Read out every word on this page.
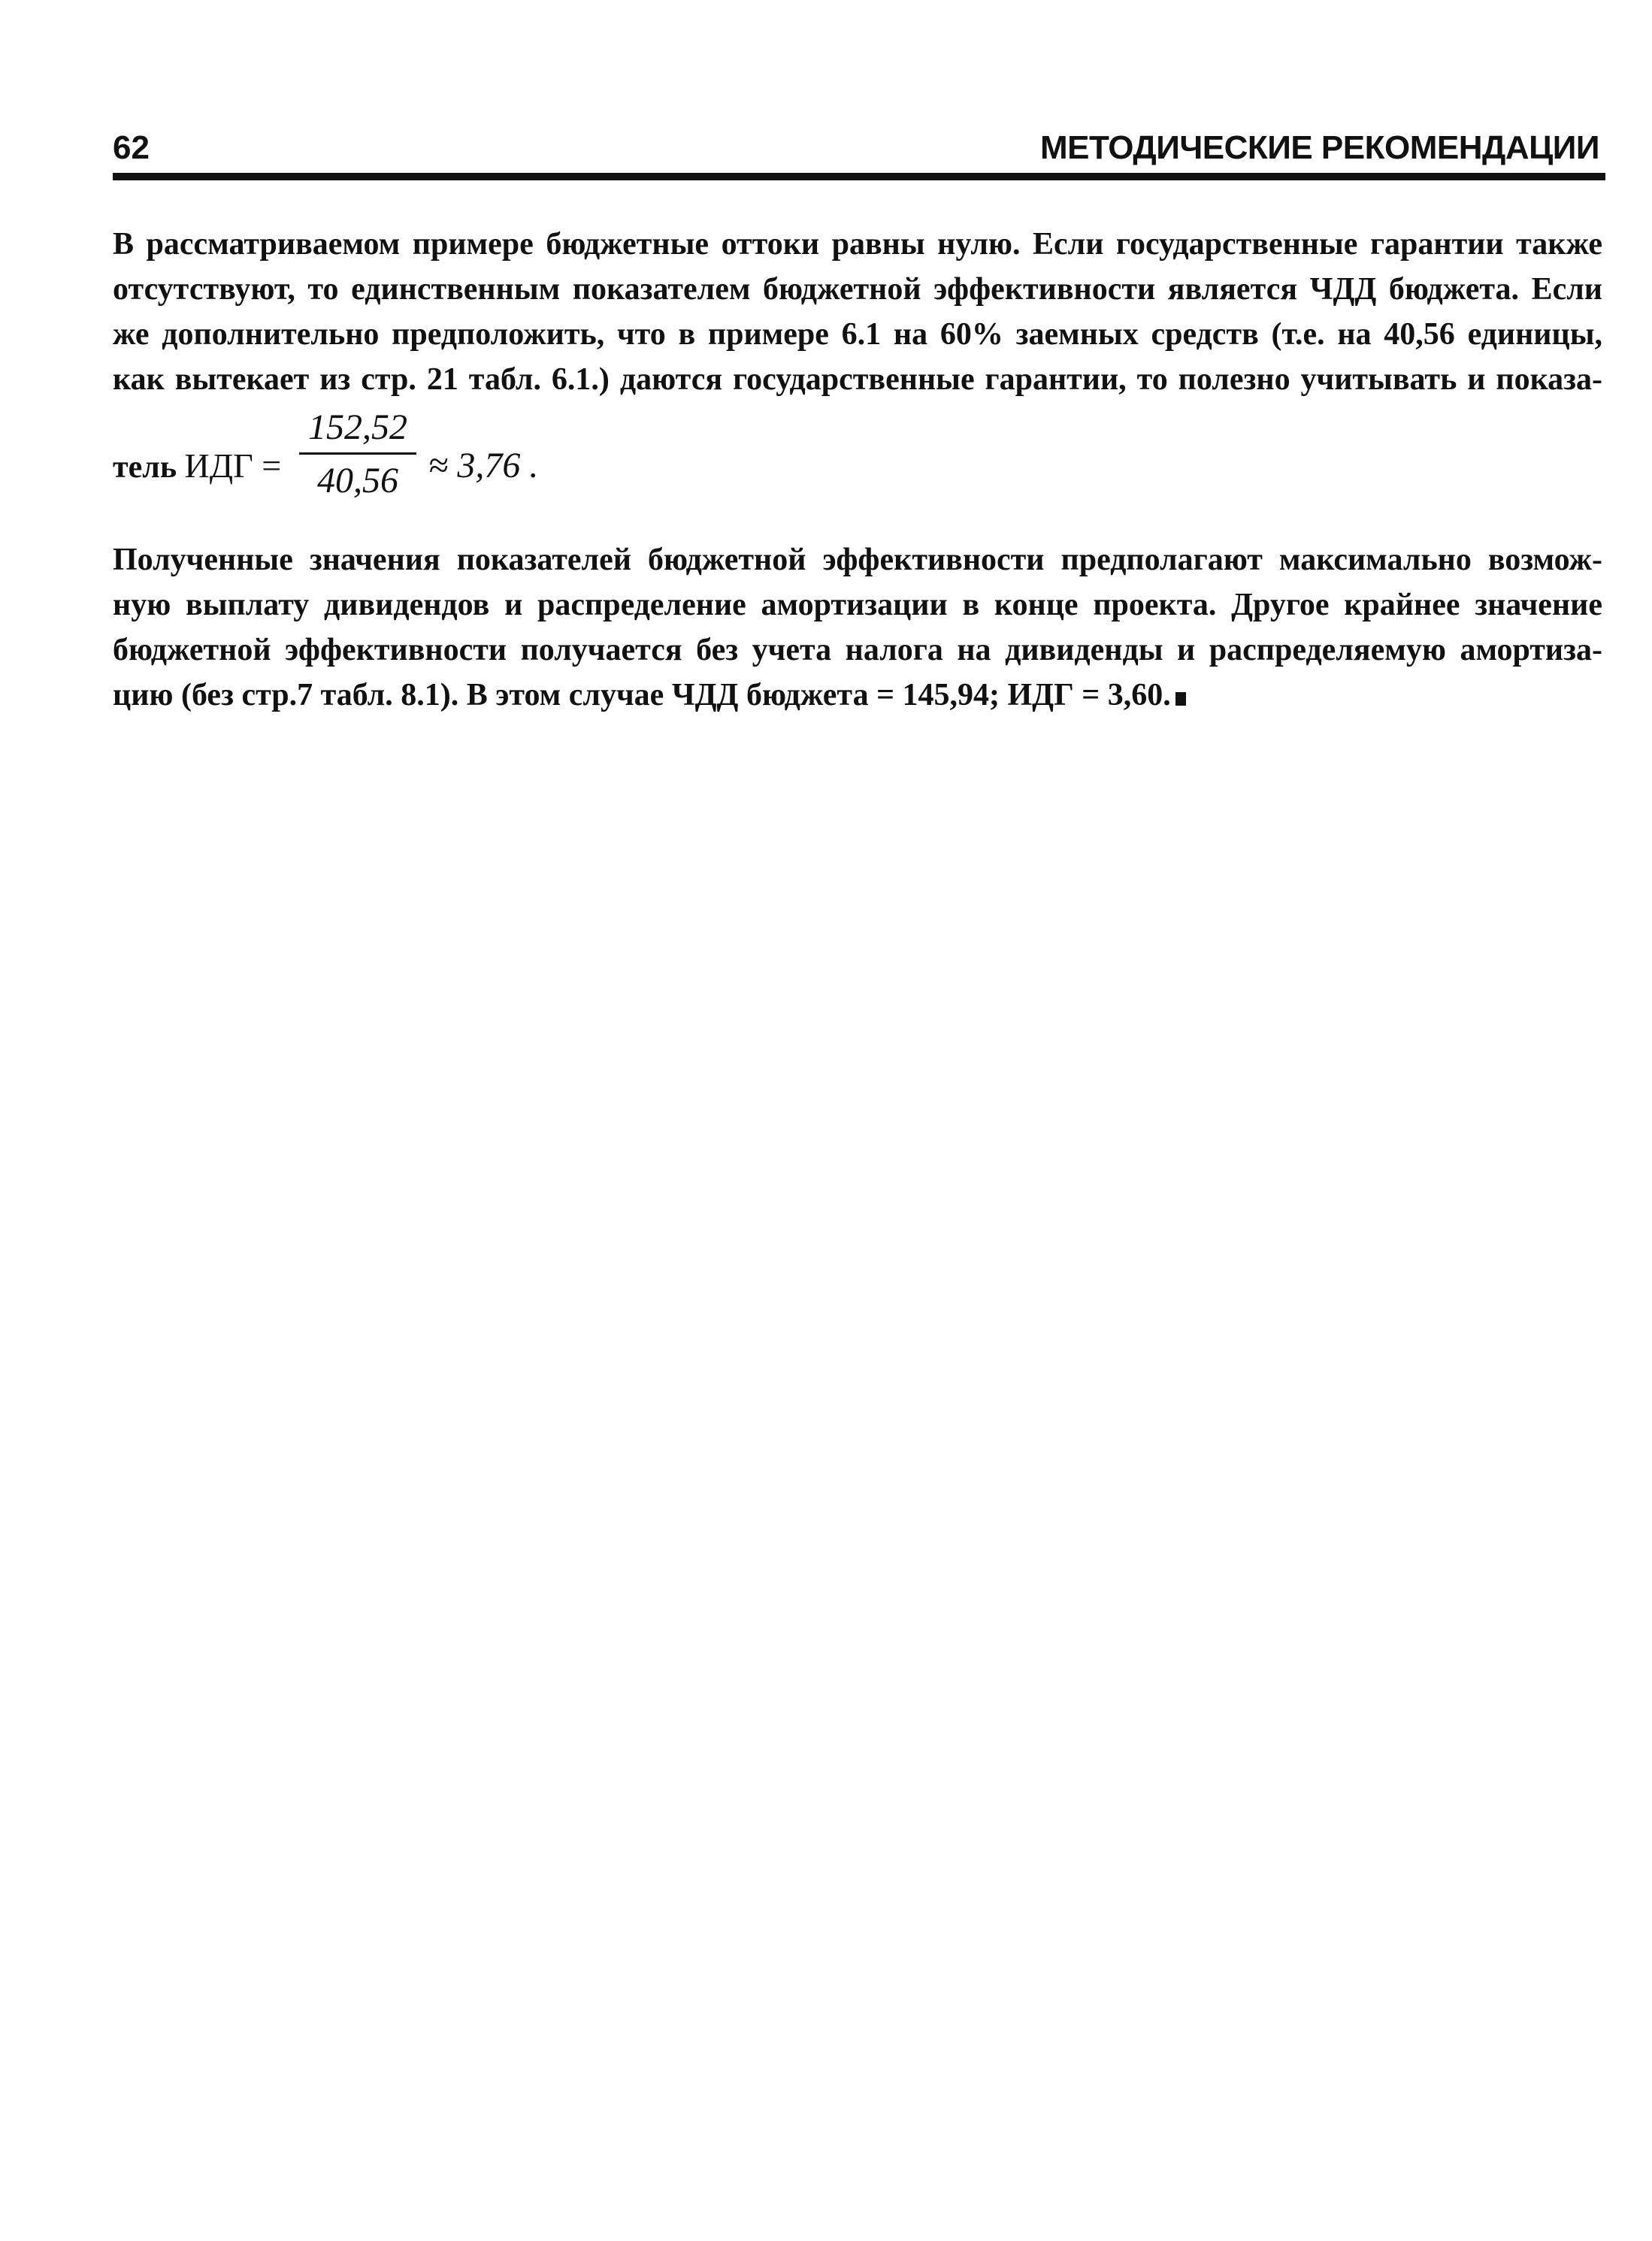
62	МЕТОДИЧЕСКИЕ РЕКОМЕНДАЦИИ
В рассматриваемом примере бюджетные оттоки равны нулю. Если государственные гарантии также
отсутствуют, то единственным показателем бюджетной эффективности является ЧДД бюджета. Если
же дополнительно предположить, что в примере 6.1 на 60% заемных средств (т.е. на 40,56 единицы,
как вытекает из стр. 21 табл. 6.1.) даются государственные гарантии, то полезно учитывать и показа-
тель ИДГ =
152,52
40,56 ≈ 3,76 .
Полученные значения показателей бюджетной эффективности предполагают максимально возмож-
ную выплату дивидендов и распределение амортизации в конце проекта. Другое крайнее значение
бюджетной эффективности получается без учета налога на дивиденды и распределяемую амортиза-
цию (без стр.7 табл. 8.1). В этом случае ЧДД бюджета = 145,94; ИДГ = 3,60.
